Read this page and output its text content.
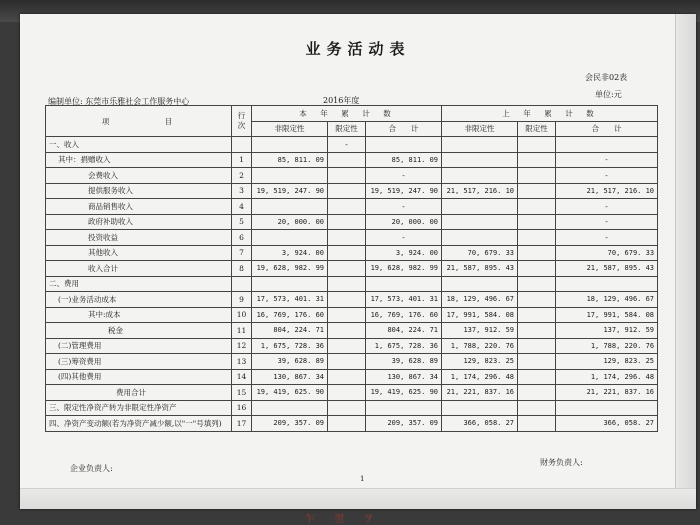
业务活动表
会民非02表
单位:元
编制单位: 东莞市乐雅社会工作服务中心	2016年度
项　　　　　目	行次	本　年　累　计　数			上　年　累　计　数		
		非限定性	限定性	合　　计	非限定性	限定性	合　　计
一、收入			-				
其中：捐赠收入	1	85, 811. 09		85, 811. 09			-
会费收入	2			-			-
提供服务收入	3	19, 519, 247. 90		19, 519, 247. 90	21, 517, 216. 10		21, 517, 216. 10
商品销售收入	4			-			-
政府补助收入	5	20, 000. 00		20, 000. 00			-
投资收益	6			-			-
其他收入	7	3, 924. 00		3, 924. 00	70, 679. 33		70, 679. 33
收入合计	8	19, 628, 982. 99		19, 628, 982. 99	21, 587, 895. 43		21, 587, 895. 43
二、费用							
(一)业务活动成本	9	17, 573, 401. 31		17, 573, 401. 31	18, 129, 496. 67		18, 129, 496. 67
其中:成本	10	16, 769, 176. 60		16, 769, 176. 60	17, 991, 584. 08		17, 991, 584. 08
税金	11	804, 224. 71		804, 224. 71	137, 912. 59		137, 912. 59
(二)管理费用	12	1, 675, 728. 36		1, 675, 728. 36	1, 788, 220. 76		1, 788, 220. 76
(三)筹资费用	13	39, 628. 89		39, 628. 89	129, 823. 25		129, 823. 25
(四)其他费用	14	130, 867. 34		130, 867. 34	1, 174, 296. 48		1, 174, 296. 48
费用合计	15	19, 419, 625. 90		19, 419, 625. 90	21, 221, 837. 16		21, 221, 837. 16
三、限定性净资产转为非限定性净资产	16						
四、净资产变动额(若为净资产减少额,以"一"号填列)	17	209, 357. 09		209, 357. 09	366, 058. 27		366, 058. 27
企业负责人:
财务负责人:
1
乍 翌 ヲ
